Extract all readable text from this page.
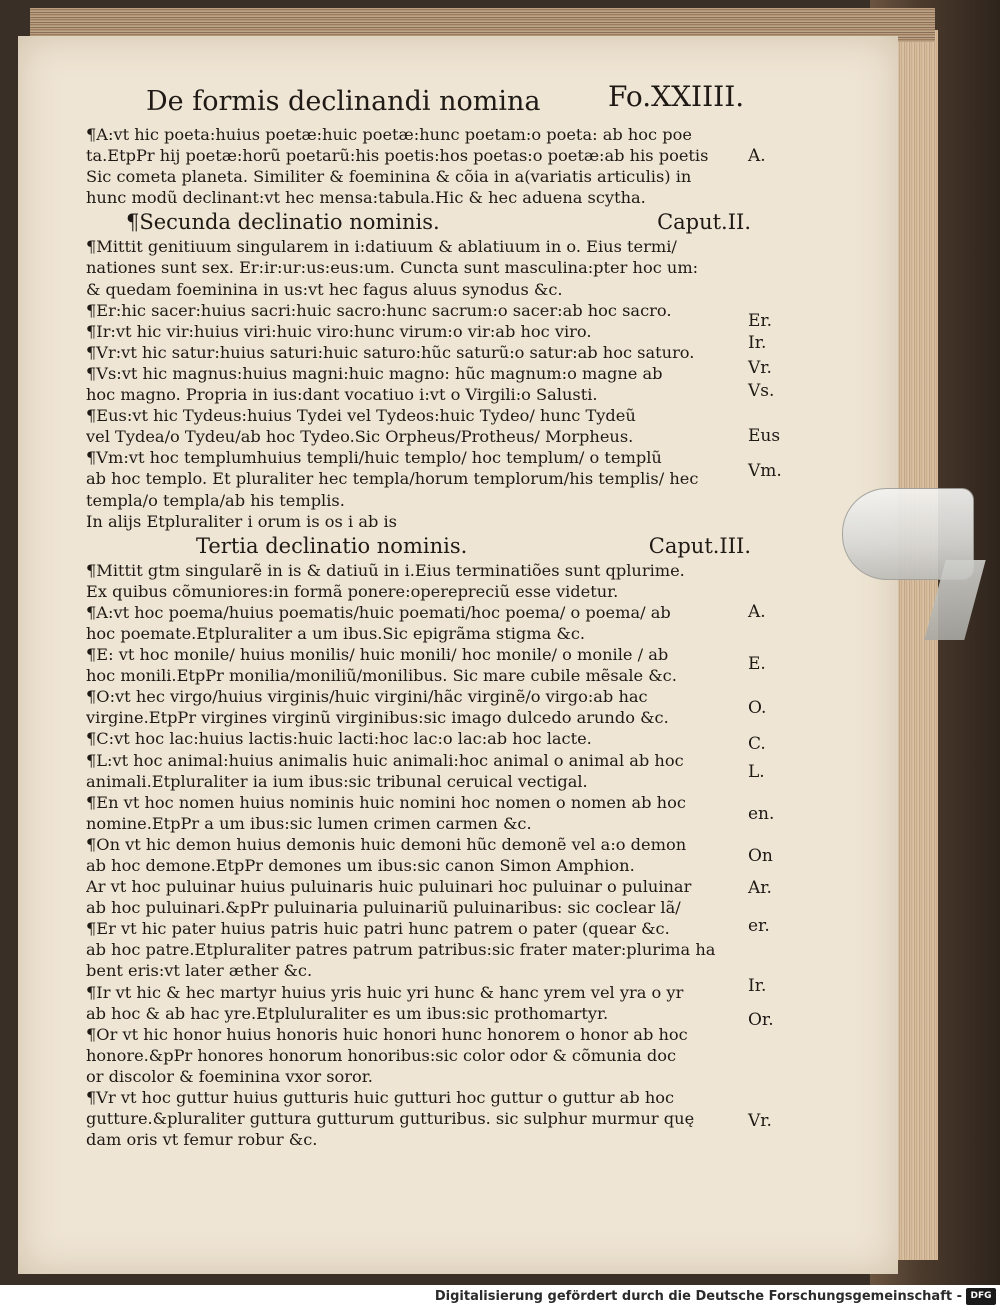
De formis declinandi nomina	Fo.XXIIII.
¶A:vt hic poeta:huius poetæ:huic poetæ:hunc poetam:o poeta: ab hoc poe
ta.EtpPr hij poetæ:horũ poetarũ:his poetis:hos poetas:o poetæ:ab his poetis
Sic cometa planeta. Similiter & foeminina & cõia in a(variatis articulis) in
hunc modũ declinant:vt hec mensa:tabula.Hic & hec aduena scytha.
¶Secunda declinatio nominis.	Caput.II.
¶Mittit genitiuum singularem in i:datiuum & ablatiuum in o. Eius termi/
nationes sunt sex. Er:ir:ur:us:eus:um. Cuncta sunt masculina:pter hoc um:
& quedam foeminina in us:vt hec fagus aluus synodus &c.
¶Er:hic sacer:huius sacri:huic sacro:hunc sacrum:o sacer:ab hoc sacro.
¶Ir:vt hic vir:huius viri:huic viro:hunc virum:o vir:ab hoc viro.
¶Vr:vt hic satur:huius saturi:huic saturo:hũc saturũ:o satur:ab hoc saturo.
¶Vs:vt hic magnus:huius magni:huic magno: hũc magnum:o magne ab
hoc magno. Propria in ius:dant vocatiuo i:vt o Virgili:o Salusti.
¶Eus:vt hic Tydeus:huius Tydei vel Tydeos:huic Tydeo/ hunc Tydeũ
vel Tydea/o Tydeu/ab hoc Tydeo.Sic Orpheus/Protheus/ Morpheus.
¶Vm:vt hoc templumhuius templi/huic templo/ hoc templum/ o templũ
ab hoc templo. Et pluraliter hec templa/horum templorum/his templis/ hec
templa/o templa/ab his templis.
In alijs Etpluraliter i orum is os i ab is
Tertia declinatio nominis.	Caput.III.
¶Mittit gtm singularẽ in is & datiuũ in i.Eius terminatiões sunt qplurime.
Ex quibus cõmuniores:in formã ponere:operepreciũ esse videtur.
¶A:vt hoc poema/huius poematis/huic poemati/hoc poema/ o poema/ ab
hoc poemate.Etpluraliter a um ibus.Sic epigrãma stigma &c.
¶E: vt hoc monile/ huius monilis/ huic monili/ hoc monile/ o monile / ab
hoc monili.EtpPr monilia/moniliũ/monilibus. Sic mare cubile mẽsale &c.
¶O:vt hec virgo/huius virginis/huic virgini/hãc virginẽ/o virgo:ab hac
virgine.EtpPr virgines virginũ virginibus:sic imago dulcedo arundo &c.
¶C:vt hoc lac:huius lactis:huic lacti:hoc lac:o lac:ab hoc lacte.
¶L:vt hoc animal:huius animalis huic animali:hoc animal o animal ab hoc
animali.Etpluraliter ia ium ibus:sic tribunal ceruical vectigal.
¶En vt hoc nomen huius nominis huic nomini hoc nomen o nomen ab hoc
nomine.EtpPr a um ibus:sic lumen crimen carmen &c.
¶On vt hic demon huius demonis huic demoni hũc demonẽ vel a:o demon
ab hoc demone.EtpPr demones um ibus:sic canon Simon Amphion.
Ar vt hoc puluinar huius puluinaris huic puluinari hoc puluinar o puluinar
ab hoc puluinari.&pPr puluinaria puluinariũ puluinaribus: sic coclear lã/
¶Er vt hic pater huius patris huic patri hunc patrem o pater (quear &c.
ab hoc patre.Etpluraliter patres patrum patribus:sic frater mater:plurima ha
bent eris:vt later æther &c.
¶Ir vt hic & hec martyr huius yris huic yri hunc & hanc yrem vel yra o yr
ab hoc & ab hac yre.Etpluluraliter es um ibus:sic prothomartyr.
¶Or vt hic honor huius honoris huic honori hunc honorem o honor ab hoc
honore.&pPr honores honorum honoribus:sic color odor & cõmunia doc
or discolor & foeminina vxor soror.
¶Vr vt hoc guttur huius gutturis huic gutturi hoc guttur o guttur ab hoc
gutture.&pluraliter guttura gutturum gutturibus. sic sulphur murmur quę
dam oris vt femur robur &c.
A.
Er.
Ir.
Vr.
Vs.
Eus
Vm.
A.
E.
O.
C.
L.
en.
On
Ar.
er.
Ir.
Or.
Vr.
Digitalisierung gefördert durch die Deutsche Forschungsgemeinschaft - DFG
